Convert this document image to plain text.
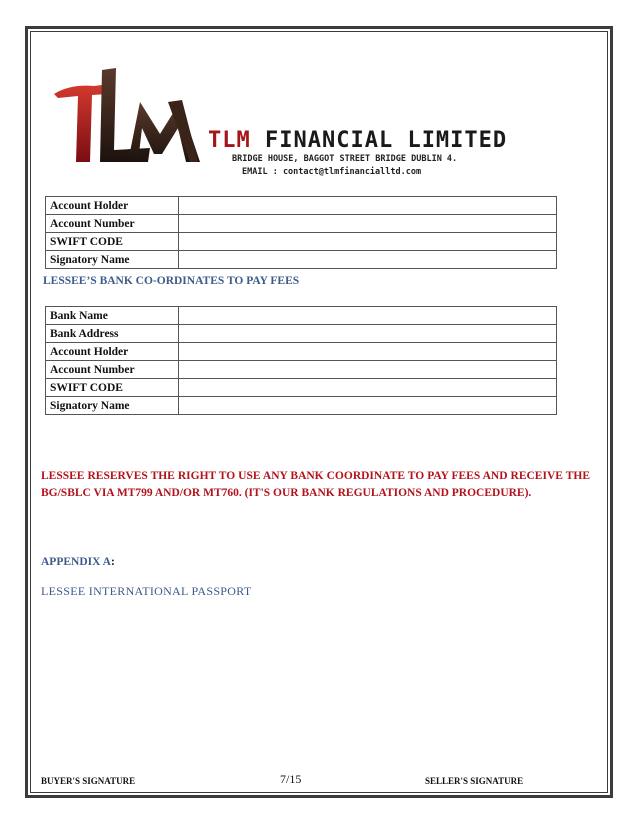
TLM FINANCIAL LIMITED
BRIDGE HOUSE, BAGGOT STREET BRIDGE DUBLIN 4.
EMAIL : contact@tlmfinancialltd.com
Account Holder	
Account Number	
SWIFT CODE	
Signatory Name	
LESSEE’S BANK CO-ORDINATES TO PAY FEES
Bank Name	
Bank Address	
Account Holder	
Account Number	
SWIFT CODE	
Signatory Name	
LESSEE RESERVES THE RIGHT TO USE ANY BANK COORDINATE TO PAY FEES AND RECEIVE THE BG/SBLC VIA MT799 AND/OR MT760. (IT'S OUR BANK REGULATIONS AND PROCEDURE).
APPENDIX A:
LESSEE INTERNATIONAL PASSPORT
BUYER'S SIGNATURE	7/15	SELLER'S SIGNATURE
